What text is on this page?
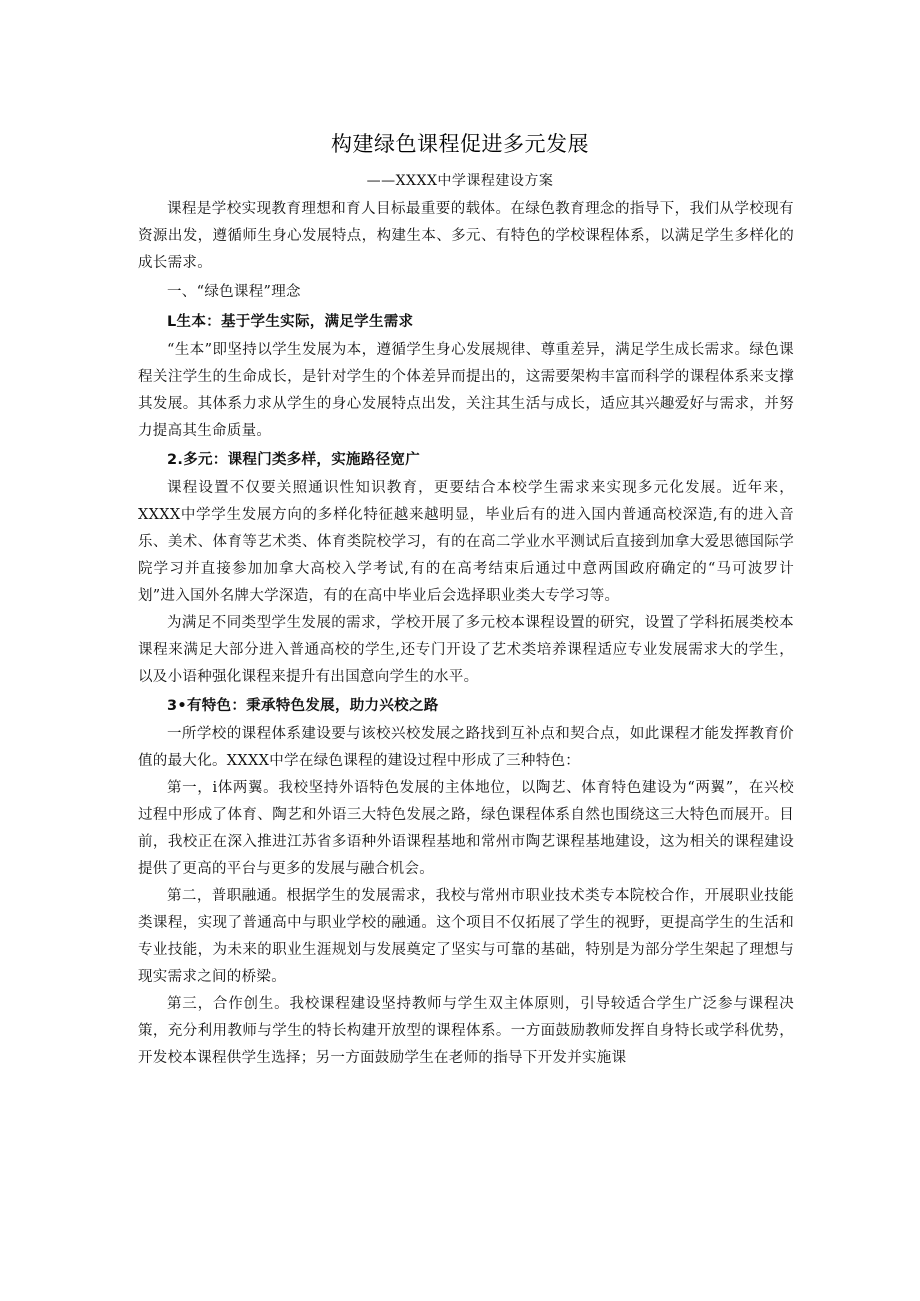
构建绿色课程促进多元发展
——XXXX中学课程建设方案

课程是学校实现教育理想和育人目标最重要的载体。在绿色教育理念的指导下，我们从学校现有资源出发，遵循师生身心发展特点，构建生本、多元、有特色的学校课程体系，以满足学生多样化的成长需求。

一、“绿色课程”理念

L生本：基于学生实际，满足学生需求

“生本”即坚持以学生发展为本，遵循学生身心发展规律、尊重差异，满足学生成长需求。绿色课程关注学生的生命成长，是针对学生的个体差异而提出的，这需要架构丰富而科学的课程体系来支撑其发展。其体系力求从学生的身心发展特点出发，关注其生活与成长，适应其兴趣爱好与需求，并努力提高其生命质量。

2.多元：课程门类多样，实施路径宽广

课程设置不仅要关照通识性知识教育，更要结合本校学生需求来实现多元化发展。近年来，XXXX中学学生发展方向的多样化特征越来越明显，毕业后有的进入国内普通高校深造,有的进入音乐、美术、体育等艺术类、体育类院校学习，有的在高二学业水平测试后直接到加拿大爱思德国际学院学习并直接参加加拿大高校入学考试,有的在高考结束后通过中意两国政府确定的“马可波罗计划”进入国外名牌大学深造，有的在高中毕业后会选择职业类大专学习等。

为满足不同类型学生发展的需求，学校开展了多元校本课程设置的研究，设置了学科拓展类校本课程来满足大部分进入普通高校的学生,还专门开设了艺术类培养课程适应专业发展需求大的学生，以及小语种强化课程来提升有出国意向学生的水平。

3•有特色：秉承特色发展，助力兴校之路

一所学校的课程体系建设要与该校兴校发展之路找到互补点和契合点，如此课程才能发挥教育价值的最大化。XXXX中学在绿色课程的建设过程中形成了三种特色：

第一，i体两翼。我校坚持外语特色发展的主体地位，以陶艺、体育特色建设为“两翼”，在兴校过程中形成了体育、陶艺和外语三大特色发展之路，绿色课程体系自然也围绕这三大特色而展开。目前，我校正在深入推进江苏省多语种外语课程基地和常州市陶艺课程基地建设，这为相关的课程建设提供了更高的平台与更多的发展与融合机会。

第二，普职融通。根据学生的发展需求，我校与常州市职业技术类专本院校合作，开展职业技能类课程，实现了普通高中与职业学校的融通。这个项目不仅拓展了学生的视野，更提高学生的生活和专业技能，为未来的职业生涯规划与发展奠定了坚实与可靠的基础，特别是为部分学生架起了理想与现实需求之间的桥梁。

第三，合作创生。我校课程建设坚持教师与学生双主体原则，引导较适合学生广泛参与课程决策，充分利用教师与学生的特长构建开放型的课程体系。一方面鼓励教师发挥自身特长或学科优势，开发校本课程供学生选择；另一方面鼓励学生在老师的指导下开发并实施课
